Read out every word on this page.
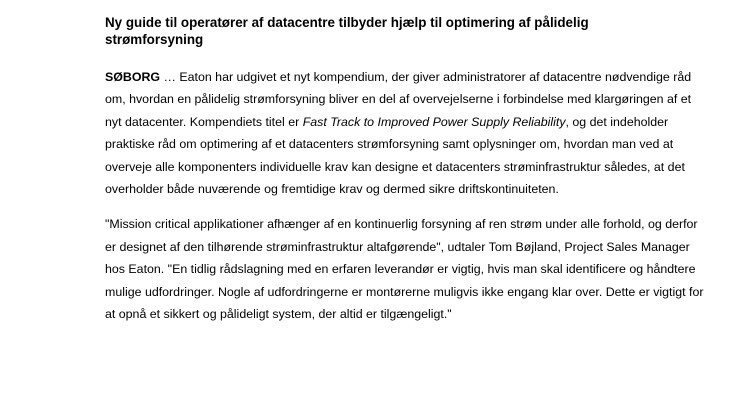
Ny guide til operatører af datacentre tilbyder hjælp til optimering af pålidelig strømforsyning

SØBORG … Eaton har udgivet et nyt kompendium, der giver administratorer af datacentre nødvendige råd om, hvordan en pålidelig strømforsyning bliver en del af overvejelserne i forbindelse med klargøringen af et nyt datacenter. Kompendiets titel er Fast Track to Improved Power Supply Reliability, og det indeholder praktiske råd om optimering af et datacenters strømforsyning samt oplysninger om, hvordan man ved at overveje alle komponenters individuelle krav kan designe et datacenters strøminfrastruktur således, at det overholder både nuværende og fremtidige krav og dermed sikre driftskontinuiteten.

"Mission critical applikationer afhænger af en kontinuerlig forsyning af ren strøm under alle forhold, og derfor er designet af den tilhørende strøminfrastruktur altafgørende", udtaler Tom Bøjland, Project Sales Manager hos Eaton. "En tidlig rådslagning med en erfaren leverandør er vigtig, hvis man skal identificere og håndtere mulige udfordringer. Nogle af udfordringerne er montørerne muligvis ikke engang klar over. Dette er vigtigt for at opnå et sikkert og pålideligt system, der altid er tilgængeligt."
